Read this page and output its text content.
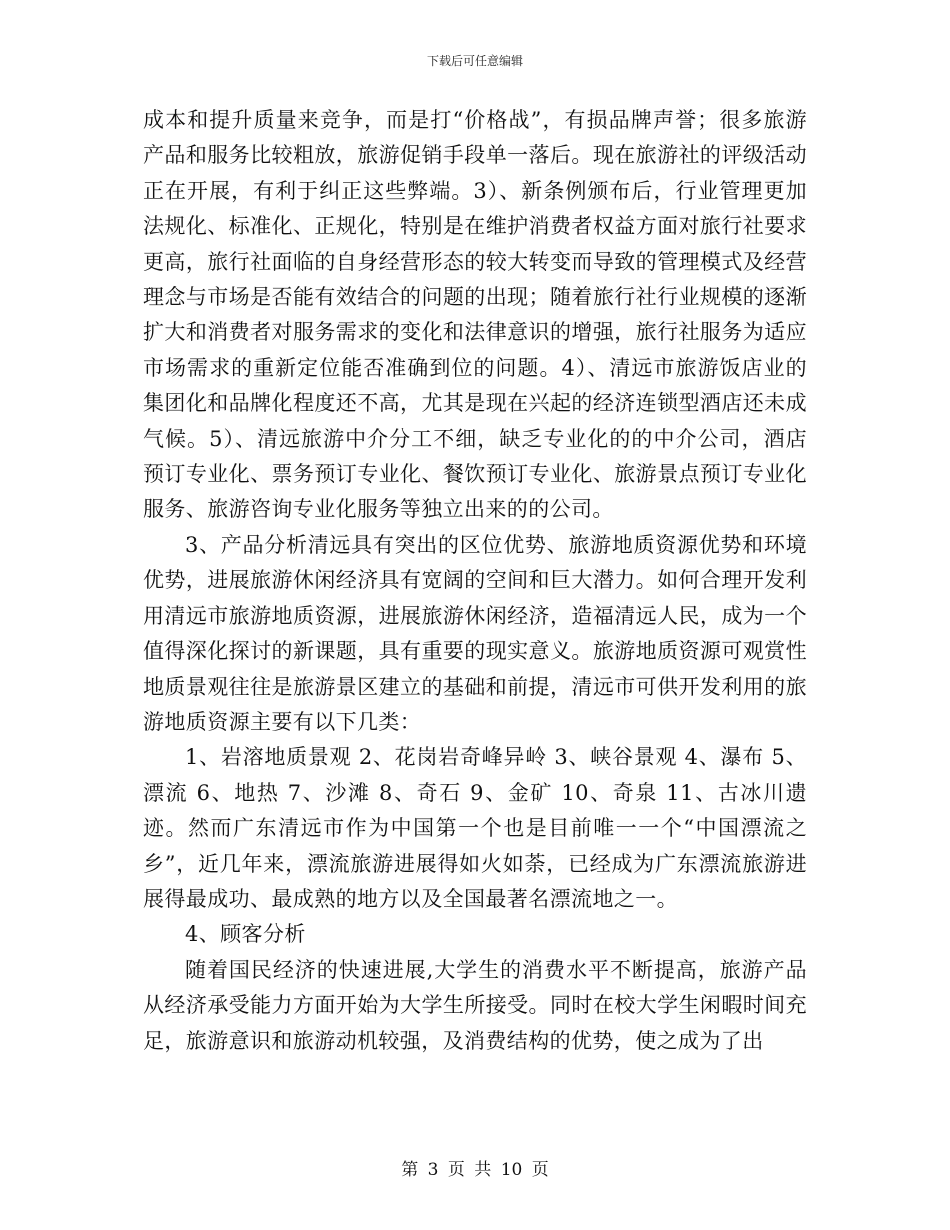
下载后可任意编辑

成本和提升质量来竞争，而是打“价格战”，有损品牌声誉；很多旅游产品和服务比较粗放，旅游促销手段单一落后。现在旅游社的评级活动正在开展，有利于纠正这些弊端。3）、新条例颁布后，行业管理更加法规化、标准化、正规化，特别是在维护消费者权益方面对旅行社要求更高，旅行社面临的自身经营形态的较大转变而导致的管理模式及经营理念与市场是否能有效结合的问题的出现；随着旅行社行业规模的逐渐扩大和消费者对服务需求的变化和法律意识的增强，旅行社服务为适应市场需求的重新定位能否准确到位的问题。4）、清远市旅游饭店业的集团化和品牌化程度还不高，尤其是现在兴起的经济连锁型酒店还未成气候。5）、清远旅游中介分工不细，缺乏专业化的的中介公司，酒店预订专业化、票务预订专业化、餐饮预订专业化、旅游景点预订专业化服务、旅游咨询专业化服务等独立出来的的公司。

3、产品分析清远具有突出的区位优势、旅游地质资源优势和环境优势，进展旅游休闲经济具有宽阔的空间和巨大潜力。如何合理开发利用清远市旅游地质资源，进展旅游休闲经济，造福清远人民，成为一个值得深化探讨的新课题，具有重要的现实意义。旅游地质资源可观赏性地质景观往往是旅游景区建立的基础和前提，清远市可供开发利用的旅游地质资源主要有以下几类：

1、岩溶地质景观 2、花岗岩奇峰异岭 3、峡谷景观 4、瀑布 5、漂流 6、地热 7、沙滩 8、奇石 9、金矿 10、奇泉 11、古冰川遗迹。然而广东清远市作为中国第一个也是目前唯一一个“中国漂流之乡”，近几年来，漂流旅游进展得如火如荼，已经成为广东漂流旅游进展得最成功、最成熟的地方以及全国最著名漂流地之一。

4、顾客分析

随着国民经济的快速进展,大学生的消费水平不断提高，旅游产品从经济承受能力方面开始为大学生所接受。同时在校大学生闲暇时间充足，旅游意识和旅游动机较强，及消费结构的优势，使之成为了出

第 3 页 共 10 页
